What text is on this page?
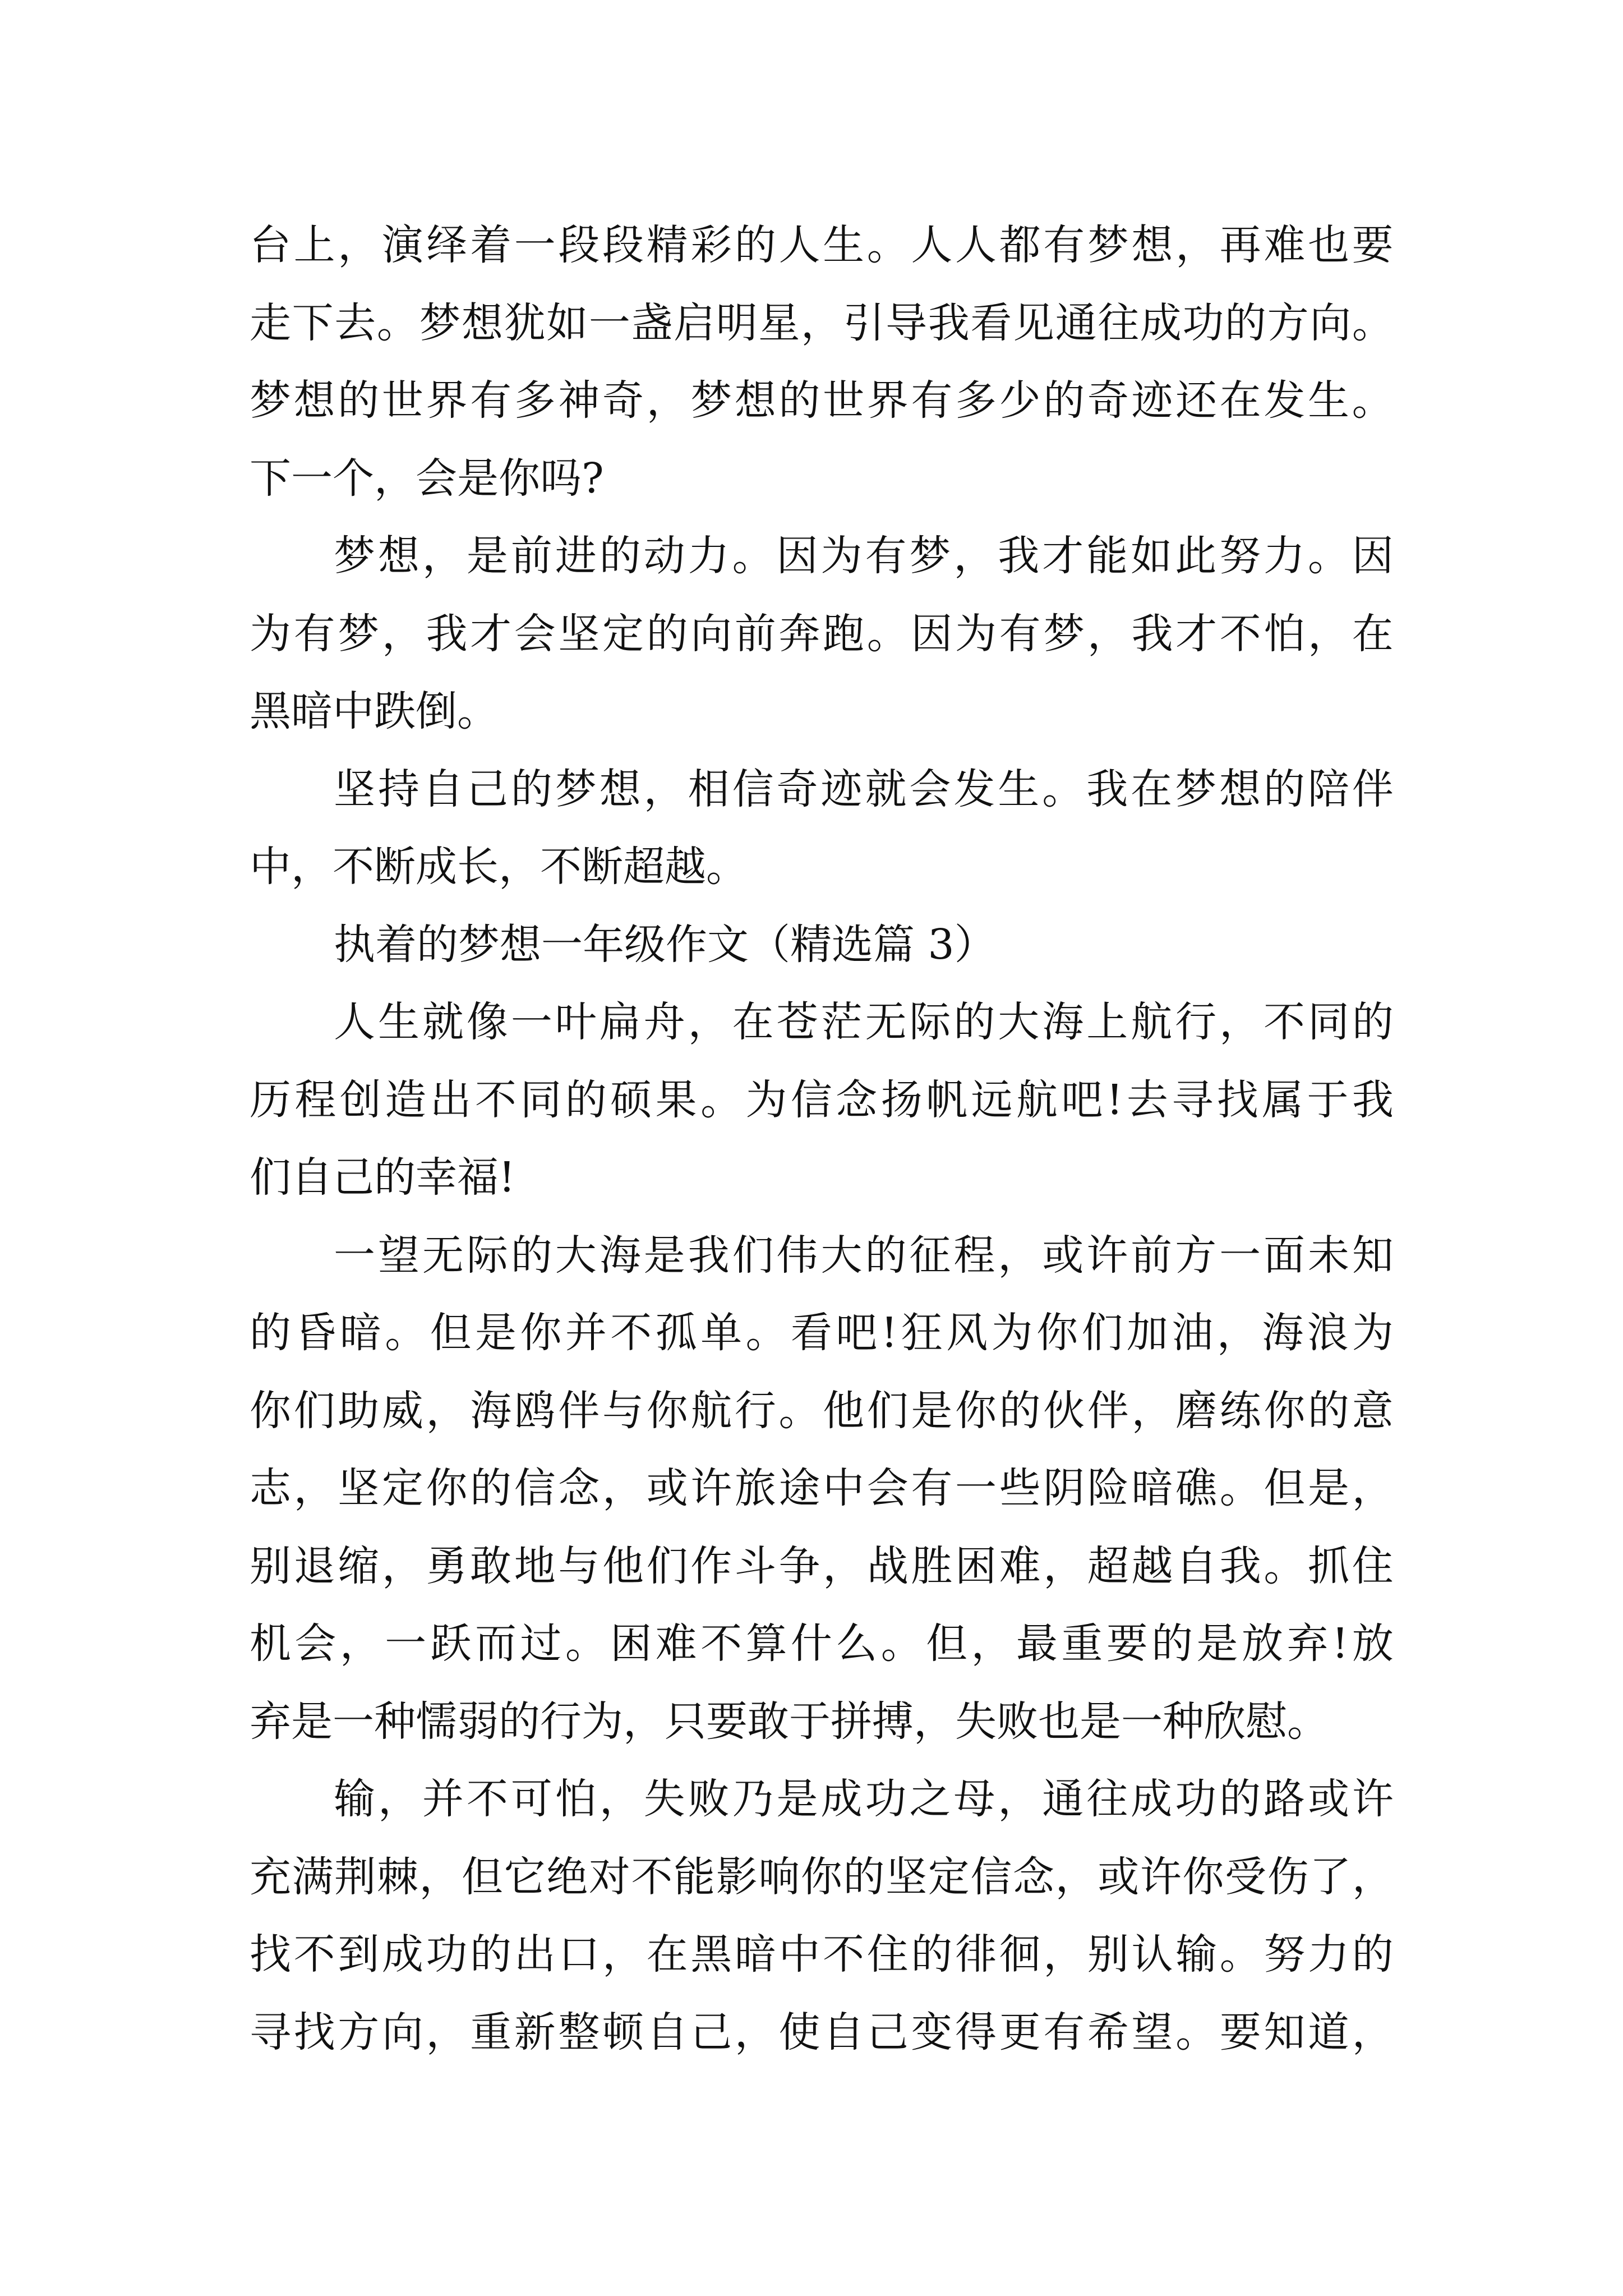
台 上 ， 演 绎 着 一 段 段 精 彩 的 人 生 。 人 人 都 有 梦 想 ， 再 难 也 要
走 下 去 。 梦 想 犹 如 一 盏 启 明 星 ， 引 导 我 看 见 通 往 成 功 的 方 向 。
梦 想 的 世 界 有 多 神 奇 ， 梦 想 的 世 界 有 多 少 的 奇 迹 还 在 发 生 。
下一个，会是你吗?
梦 想 ， 是 前 进 的 动 力 。 因 为 有 梦 ， 我 才 能 如 此 努 力 。 因
为 有 梦 ， 我 才 会 坚 定 的 向 前 奔 跑 。 因 为 有 梦 ， 我 才 不 怕 ， 在
黑暗中跌倒。
坚 持 自 己 的 梦 想 ， 相 信 奇 迹 就 会 发 生 。 我 在 梦 想 的 陪 伴
中，不断成长，不断超越。
执着的梦想一年级作文（精选篇 3）
人 生 就 像 一 叶 扁 舟 ， 在 苍 茫 无 际 的 大 海 上 航 行 ， 不 同 的
历 程 创 造 出 不 同 的 硕 果 。 为 信 念 扬 帆 远 航 吧 ! 去 寻 找 属 于 我
们自己的幸福!
一 望 无 际 的 大 海 是 我 们 伟 大 的 征 程 ， 或 许 前 方 一 面 未 知
的 昏 暗 。 但 是 你 并 不 孤 单 。 看 吧 ! 狂 风 为 你 们 加 油 ， 海 浪 为
你 们 助 威 ， 海 鸥 伴 与 你 航 行 。 他 们 是 你 的 伙 伴 ， 磨 练 你 的 意
志 ， 坚 定 你 的 信 念 ， 或 许 旅 途 中 会 有 一 些 阴 险 暗 礁 。 但 是 ，
别 退 缩 ， 勇 敢 地 与 他 们 作 斗 争 ， 战 胜 困 难 ， 超 越 自 我 。 抓 住
机 会 ， 一 跃 而 过 。 困 难 不 算 什 么 。 但 ， 最 重 要 的 是 放 弃 ! 放
弃是一种懦弱的行为，只要敢于拼搏，失败也是一种欣慰。
输 ， 并 不 可 怕 ， 失 败 乃 是 成 功 之 母 ， 通 往 成 功 的 路 或 许
充 满 荆 棘 ， 但 它 绝 对 不 能 影 响 你 的 坚 定 信 念 ， 或 许 你 受 伤 了 ，
找 不 到 成 功 的 出 口 ， 在 黑 暗 中 不 住 的 徘 徊 ， 别 认 输 。 努 力 的
寻 找 方 向 ， 重 新 整 顿 自 己 ， 使 自 己 变 得 更 有 希 望 。 要 知 道 ，
